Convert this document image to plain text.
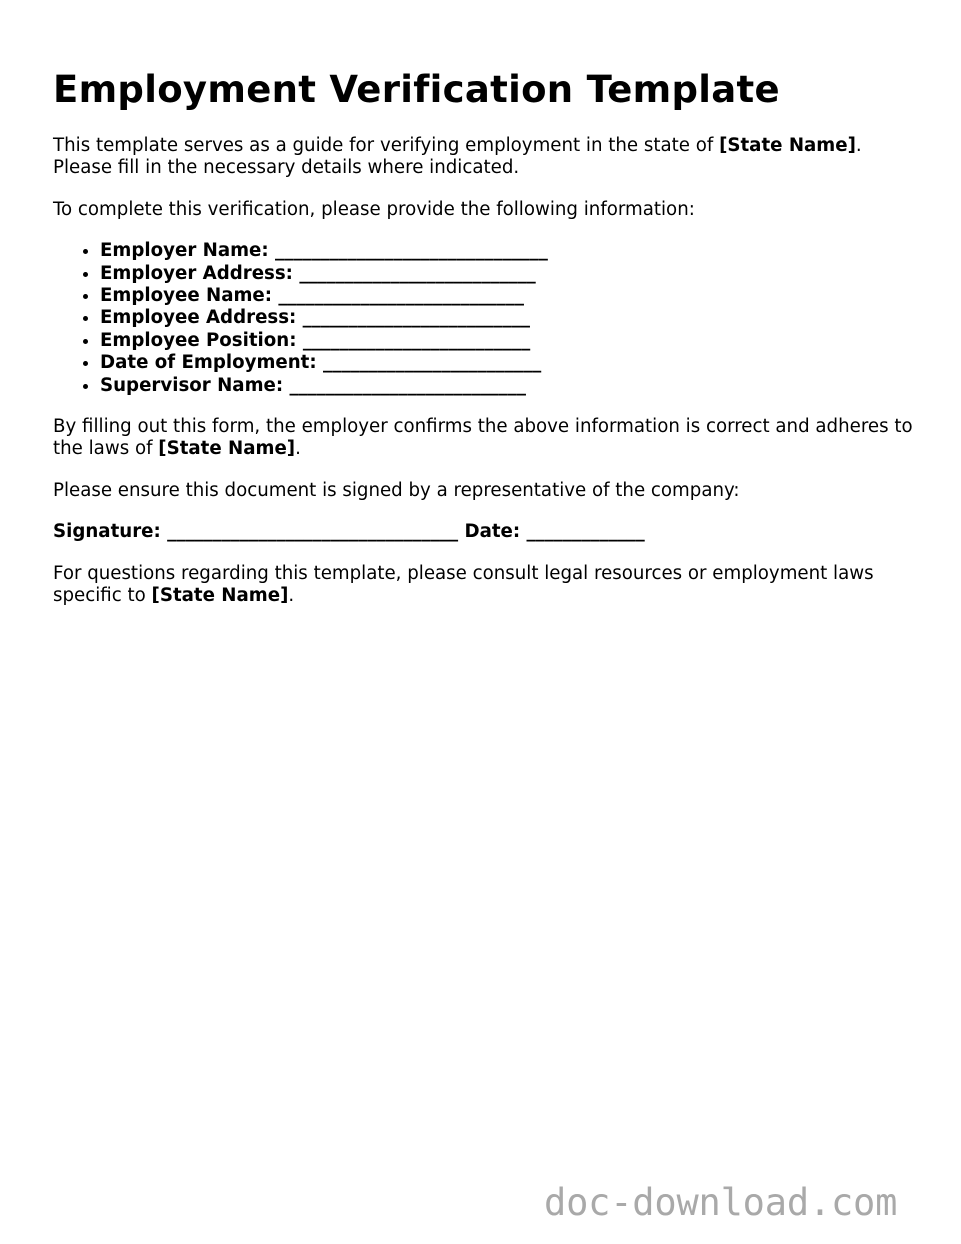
Employment Verification Template

This template serves as a guide for verifying employment in the state of [State Name]. Please fill in the necessary details where indicated.

To complete this verification, please provide the following information:

• Employer Name: ______________________________
• Employer Address: __________________________
• Employee Name: ___________________________
• Employee Address: _________________________
• Employee Position: _________________________
• Date of Employment: ________________________
• Supervisor Name: __________________________

By filling out this form, the employer confirms the above information is correct and adheres to the laws of [State Name].

Please ensure this document is signed by a representative of the company:

Signature: ________________________________ Date: _____________

For questions regarding this template, please consult legal resources or employment laws specific to [State Name].

doc-download.com
